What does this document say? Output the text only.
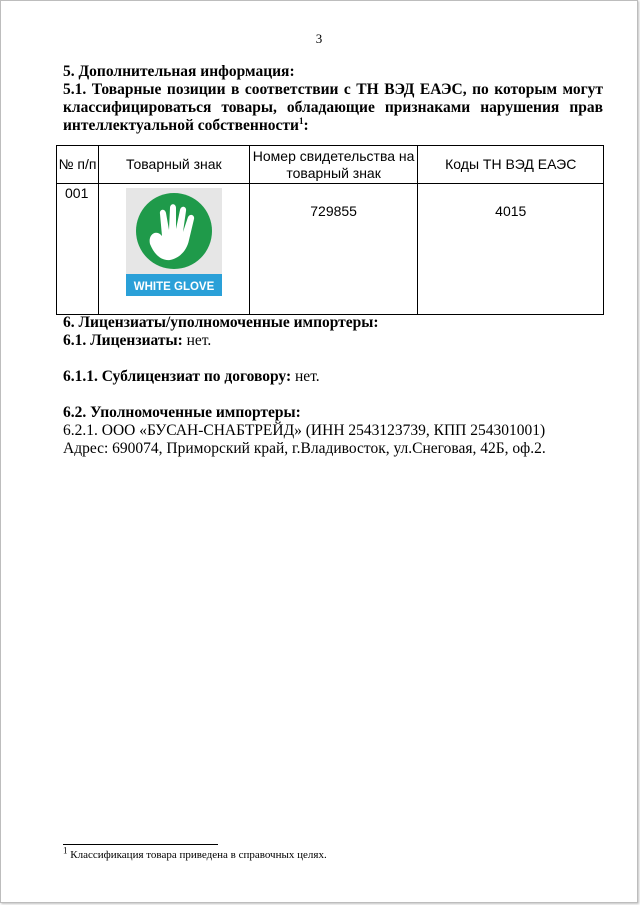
3
5. Дополнительная информация:
5.1. Товарные позиции в соответствии с ТН ВЭД ЕАЭС, по которым могут классифицироваться товары, обладающие признаками нарушения прав интеллектуальной собственности$^1$:
№ п/п	Товарный знак	Номер свидетельства на товарный знак	Коды ТН ВЭД ЕАЭС
001	WHITE GLOVE	729855	4015
6. Лицензиаты/уполномоченные импортеры:
6.1. Лицензиаты: нет.
6.1.1. Сублицензиат по договору: нет.
6.2. Уполномоченные импортеры:
6.2.1. ООО «БУСАН-СНАБТРЕЙД» (ИНН 2543123739, КПП 254301001)
Адрес: 690074, Приморский край, г.Владивосток, ул.Снеговая, 42Б, оф.2.
$^1$ Классификация товара приведена в справочных целях.
